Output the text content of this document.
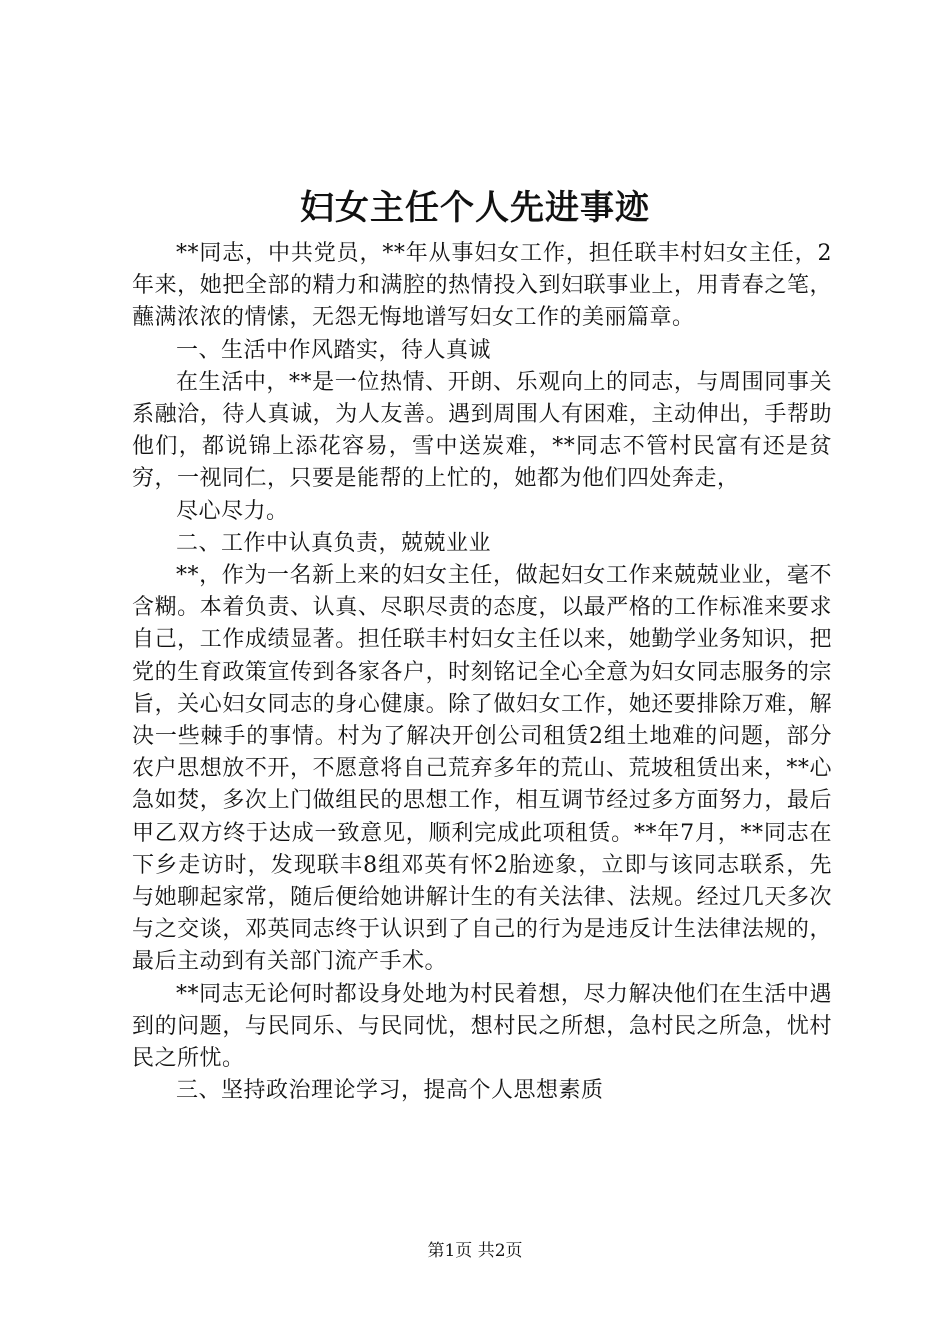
妇女主任个人先进事迹

**同志，中共党员，**年从事妇女工作，担任联丰村妇女主任，2年来，她把全部的精力和满腔的热情投入到妇联事业上，用青春之笔，蘸满浓浓的情愫，无怨无悔地谱写妇女工作的美丽篇章。

一、生活中作风踏实，待人真诚

在生活中，**是一位热情、开朗、乐观向上的同志，与周围同事关系融洽，待人真诚，为人友善。遇到周围人有困难，主动伸出，手帮助他们，都说锦上添花容易，雪中送炭难，**同志不管村民富有还是贫穷，一视同仁，只要是能帮的上忙的，她都为他们四处奔走，

尽心尽力。

二、工作中认真负责，兢兢业业

**，作为一名新上来的妇女主任，做起妇女工作来兢兢业业，毫不含糊。本着负责、认真、尽职尽责的态度，以最严格的工作标准来要求自己，工作成绩显著。担任联丰村妇女主任以来，她勤学业务知识，把党的生育政策宣传到各家各户，时刻铭记全心全意为妇女同志服务的宗旨，关心妇女同志的身心健康。除了做妇女工作，她还要排除万难，解决一些棘手的事情。村为了解决开创公司租赁2组土地难的问题，部分农户思想放不开，不愿意将自己荒弃多年的荒山、荒坡租赁出来，**心急如焚，多次上门做组民的思想工作，相互调节经过多方面努力，最后甲乙双方终于达成一致意见，顺利完成此项租赁。**年7月，**同志在下乡走访时，发现联丰8组邓英有怀2胎迹象，立即与该同志联系，先与她聊起家常，随后便给她讲解计生的有关法律、法规。经过几天多次与之交谈，邓英同志终于认识到了自己的行为是违反计生法律法规的，最后主动到有关部门流产手术。

**同志无论何时都设身处地为村民着想，尽力解决他们在生活中遇到的问题，与民同乐、与民同忧，想村民之所想，急村民之所急，忧村民之所忧。

三、坚持政治理论学习，提高个人思想素质

第1页 共2页
